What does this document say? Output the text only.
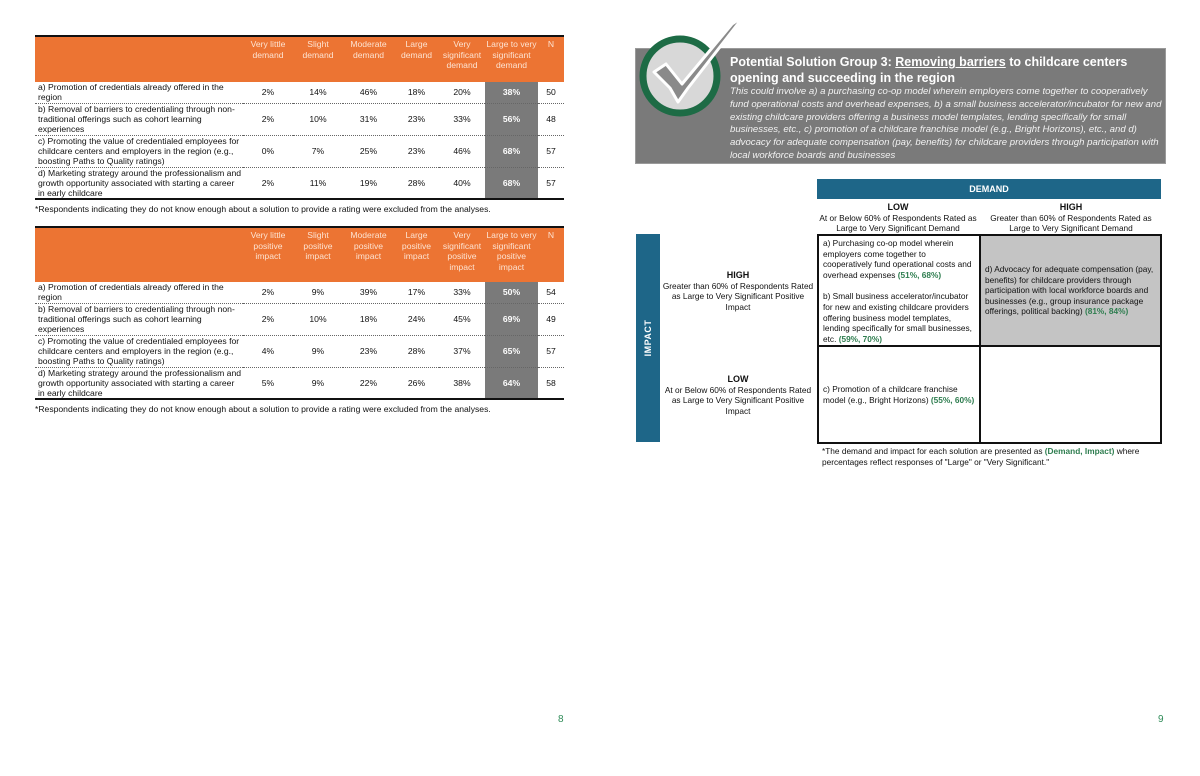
	Very little demand	Slight demand	Moderate demand	Large demand	Very significant demand	Large to very significant demand	N
a) Promotion of credentials already offered in the region	2%	14%	46%	18%	20%	38%	50
b) Removal of barriers to credentialing through non-traditional offerings such as cohort learning experiences	2%	10%	31%	23%	33%	56%	48
c) Promoting the value of credentialed employees for childcare centers and employers in the region (e.g., boosting Paths to Quality ratings)	0%	7%	25%	23%	46%	68%	57
d) Marketing strategy around the professionalism and growth opportunity associated with starting a career in early childcare	2%	11%	19%	28%	40%	68%	57
*Respondents indicating they do not know enough about a solution to provide a rating were excluded from the analyses.
	Very little positive impact	Slight positive impact	Moderate positive impact	Large positive impact	Very significant positive impact	Large to very significant positive impact	N
a) Promotion of credentials already offered in the region	2%	9%	39%	17%	33%	50%	54
b) Removal of barriers to credentialing through non-traditional offerings such as cohort learning experiences	2%	10%	18%	24%	45%	69%	49
c) Promoting the value of credentialed employees for childcare centers and employers in the region (e.g., boosting Paths to Quality ratings)	4%	9%	23%	28%	37%	65%	57
d) Marketing strategy around the professionalism and growth opportunity associated with starting a career in early childcare	5%	9%	22%	26%	38%	64%	58
*Respondents indicating they do not know enough about a solution to provide a rating were excluded from the analyses.
8
Potential Solution Group 3: Removing barriers to childcare centers opening and succeeding in the region
This could involve a) a purchasing co-op model wherein employers come together to cooperatively fund operational costs and overhead expenses, b) a small business accelerator/incubator for new and existing childcare providers offering a business model templates, lending specifically for small businesses, etc., c) promotion of a childcare franchise model (e.g., Bright Horizons), etc., and d) advocacy for adequate compensation (pay, benefits) for childcare providers through participation with local workforce boards and businesses
DEMAND
LOW
At or Below 60% of Respondents Rated as Large to Very Significant Demand
HIGH
Greater than 60% of Respondents Rated as Large to Very Significant Demand
IMPACT
HIGH
Greater than 60% of Respondents Rated as Large to Very Significant Positive Impact
LOW
At or Below 60% of Respondents Rated as Large to Very Significant Positive Impact
a) Purchasing co-op model wherein employers come together to cooperatively fund operational costs and overhead expenses (51%, 68%)
b) Small business accelerator/incubator for new and existing childcare providers offering business model templates, lending specifically for small businesses, etc. (59%, 70%)
d) Advocacy for adequate compensation (pay, benefits) for childcare providers through participation with local workforce boards and businesses (e.g., group insurance package offerings, political backing) (81%, 84%)
c) Promotion of a childcare franchise model (e.g., Bright Horizons) (55%, 60%)
*The demand and impact for each solution are presented as (Demand, Impact) where percentages reflect responses of "Large" or "Very Significant."
9
